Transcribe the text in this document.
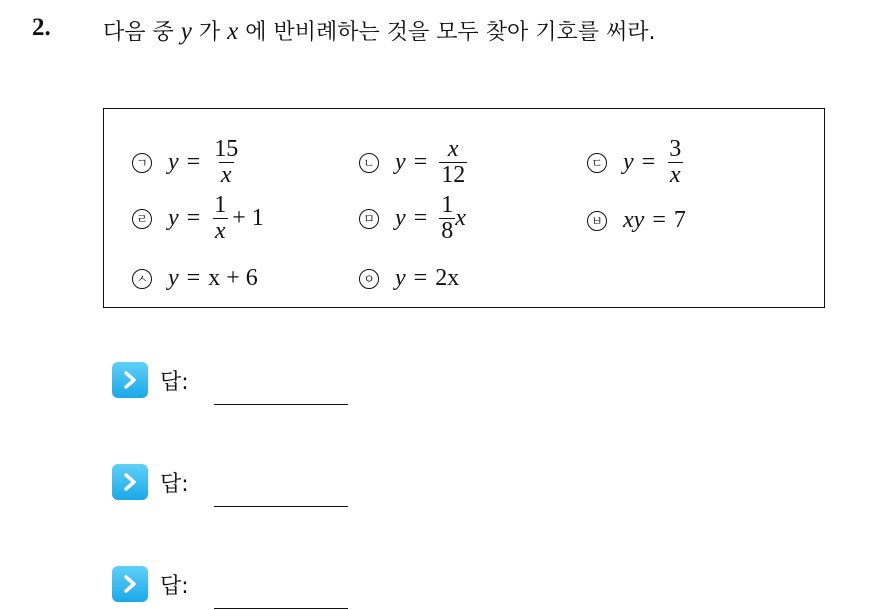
2. 다음 중 y 가 x 에 반비례하는 것을 모두 찾아 기호를 써라.
ㄱ $y = \frac{15}{x}$	ㄴ $y = \frac{x}{12}$	ㄷ $y = \frac{3}{x}$
ㄹ $y = \frac{1}{x} + 1$	ㅁ $y = \frac{1}{8}$ x	ㅂ xy = 7
ㅅ y = x + 6	ㅇ y = 2x
답:
답:
답:
